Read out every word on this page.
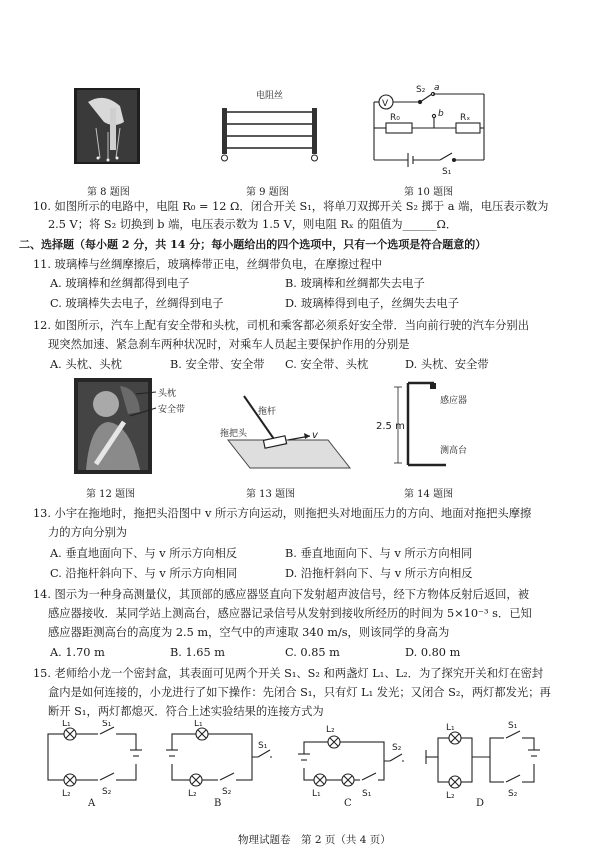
第 8 题图
电阻丝
第 9 题图
V
S₂ a
b
R₀	Rₓ
S₁
第 10 题图
10. 如图所示的电路中，电阻 R₀ = 12 Ω．闭合开关 S₁，将单刀双掷开关 S₂ 掷于 a 端，电压表示数为
2.5 V；将 S₂ 切换到 b 端，电压表示数为 1.5 V，则电阻 Rₓ 的阻值为______Ω．
二、选择题（每小题 2 分，共 14 分；每小题给出的四个选项中，只有一个选项是符合题意的）
11. 玻璃棒与丝绸摩擦后，玻璃棒带正电，丝绸带负电，在摩擦过程中
A. 玻璃棒和丝绸都得到电子	B. 玻璃棒和丝绸都失去电子
C. 玻璃棒失去电子，丝绸得到电子	D. 玻璃棒得到电子，丝绸失去电子
12. 如图所示，汽车上配有安全带和头枕，司机和乘客都必须系好安全带．当向前行驶的汽车分别出
现突然加速、紧急刹车两种状况时，对乘车人员起主要保护作用的分别是
A. 头枕、头枕	B. 安全带、安全带 C. 安全带、头枕	D. 头枕、安全带
头枕
安全带
第 12 题图
v
拖杆
拖把头
第 13 题图
2.5 m
感应器
测高台
第 14 题图
13. 小宇在拖地时，拖把头沿图中 v 所示方向运动，则拖把头对地面压力的方向、地面对拖把头摩擦
力的方向分别为
A. 垂直地面向下、与 v 所示方向相反	B. 垂直地面向下、与 v 所示方向相同
C. 沿拖杆斜向下、与 v 所示方向相同	D. 沿拖杆斜向下、与 v 所示方向相反
14. 图示为一种身高测量仪，其顶部的感应器竖直向下发射超声波信号，经下方物体反射后返回，被
感应器接收．某同学站上测高台，感应器记录信号从发射到接收所经历的时间为 5×10⁻³ s．已知
感应器距测高台的高度为 2.5 m，空气中的声速取 340 m/s，则该同学的身高为
A. 1.70 m	B. 1.65 m	C. 0.85 m	D. 0.80 m
15. 老师给小龙一个密封盒，其表面可见两个开关 S₁、S₂ 和两盏灯 L₁、L₂．为了探究开关和灯在密封
盒内是如何连接的，小龙进行了如下操作：先闭合 S₁，只有灯 L₁ 发光；又闭合 S₂，两灯都发光；再
断开 S₁，两灯都熄灭．符合上述实验结果的连接方式为
L₁	S₁
L₂	S₂
A
L₁
S₁
L₂	S₂
B
L₂
S₂
L₁	S₁
C
L₁	S₁
L₂	S₂
D
物理试题卷　第 2 页（共 4 页）
